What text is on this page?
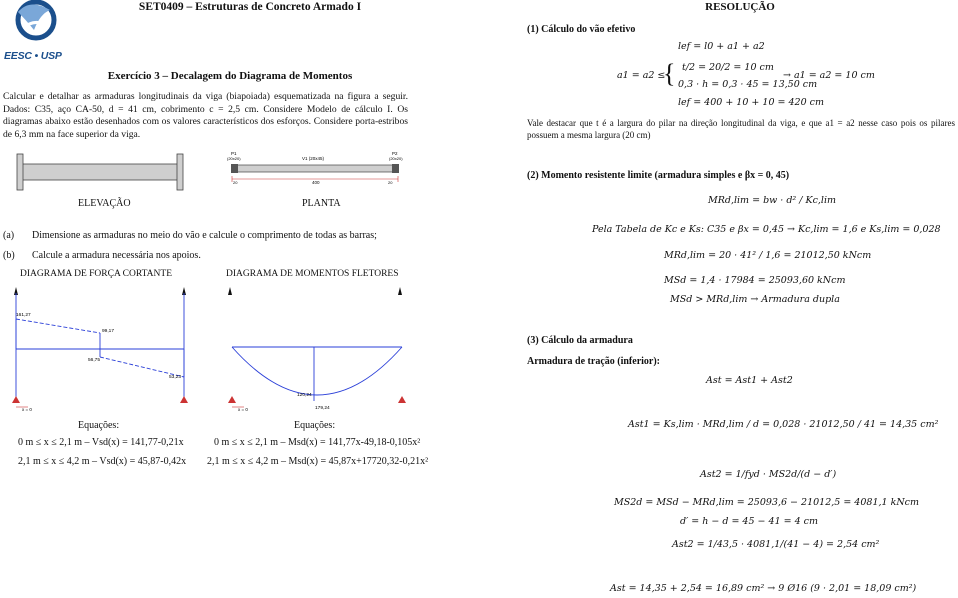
EESC • USP
SET0409 – Estruturas de Concreto Armado I
Exercício 3 – Decalagem do Diagrama de Momentos
Calcular e detalhar as armaduras longitudinais da viga (biapoiada) esquematizada na figura a seguir. Dados: C35, aço CA-50, d = 41 cm, cobrimento c = 2,5 cm. Considere Modelo de cálculo I. Os diagramas abaixo estão desenhados com os valores característicos dos esforços. Considere porta-estribos de 6,3 mm na face superior da viga.
P1
(20x20)	V1 (20x45)
P2
(20x20)
400
20	20
ELEVAÇÃO	PLANTA
(a) Dimensione as armaduras no meio do vão e calcule o comprimento de todas as barras;
(b) Calcule a armadura necessária nos apoios.
DIAGRAMA DE FORÇA CORTANTE
161,27
99,17
56,75
53,23
x = 0
DIAGRAMA DE MOMENTOS FLETORES
120,24
179,24
x = 0
Equações:
0 m ≤ x ≤ 2,1 m – Vsd(x) = 141,77-0,21x
2,1 m ≤ x ≤ 4,2 m – Vsd(x) = 45,87-0,42x
Equações:
0 m ≤ x ≤ 2,1 m – Msd(x) = 141,77x-49,18-0,105x²
2,1 m ≤ x ≤ 4,2 m – Msd(x) = 45,87x+17720,32-0,21x²
RESOLUÇÃO
(1) Cálculo do vão efetivo
lef = l0 + a1 + a2
a1 = a2 ≤
{ t/2 = 20/2 = 10 cm
0,3 · h = 0,3 · 45 = 13,50 cm
→ a1 = a2 = 10 cm
lef = 400 + 10 + 10 = 420 cm
Vale destacar que t é a largura do pilar na direção longitudinal da viga, e que a1 = a2 nesse caso pois os pilares possuem a mesma largura (20 cm)
(2) Momento resistente limite (armadura simples e βx = 0, 45)
MRd,lim = bw · d² / Kc,lim
Pela Tabela de Kc e Ks: C35 e βx = 0,45 → Kc,lim = 1,6 e Ks,lim = 0,028
MRd,lim = 20 · 41² / 1,6 = 21012,50 kNcm
MSd = 1,4 · 17984 = 25093,60 kNcm
MSd > MRd,lim → Armadura dupla
(3) Cálculo da armadura
Armadura de tração (inferior):
Ast = Ast1 + Ast2
Ast1 = Ks,lim · MRd,lim / d = 0,028 · 21012,50 / 41 = 14,35 cm²
Ast2 = 1/fyd · MS2d/(d − d′)
MS2d = MSd − MRd,lim = 25093,6 − 21012,5 = 4081,1 kNcm
d′ = h − d = 45 − 41 = 4 cm
Ast2 = 1/43,5 · 4081,1/(41 − 4) = 2,54 cm²
Ast = 14,35 + 2,54 = 16,89 cm² → 9 Ø16 (9 · 2,01 = 18,09 cm²)
